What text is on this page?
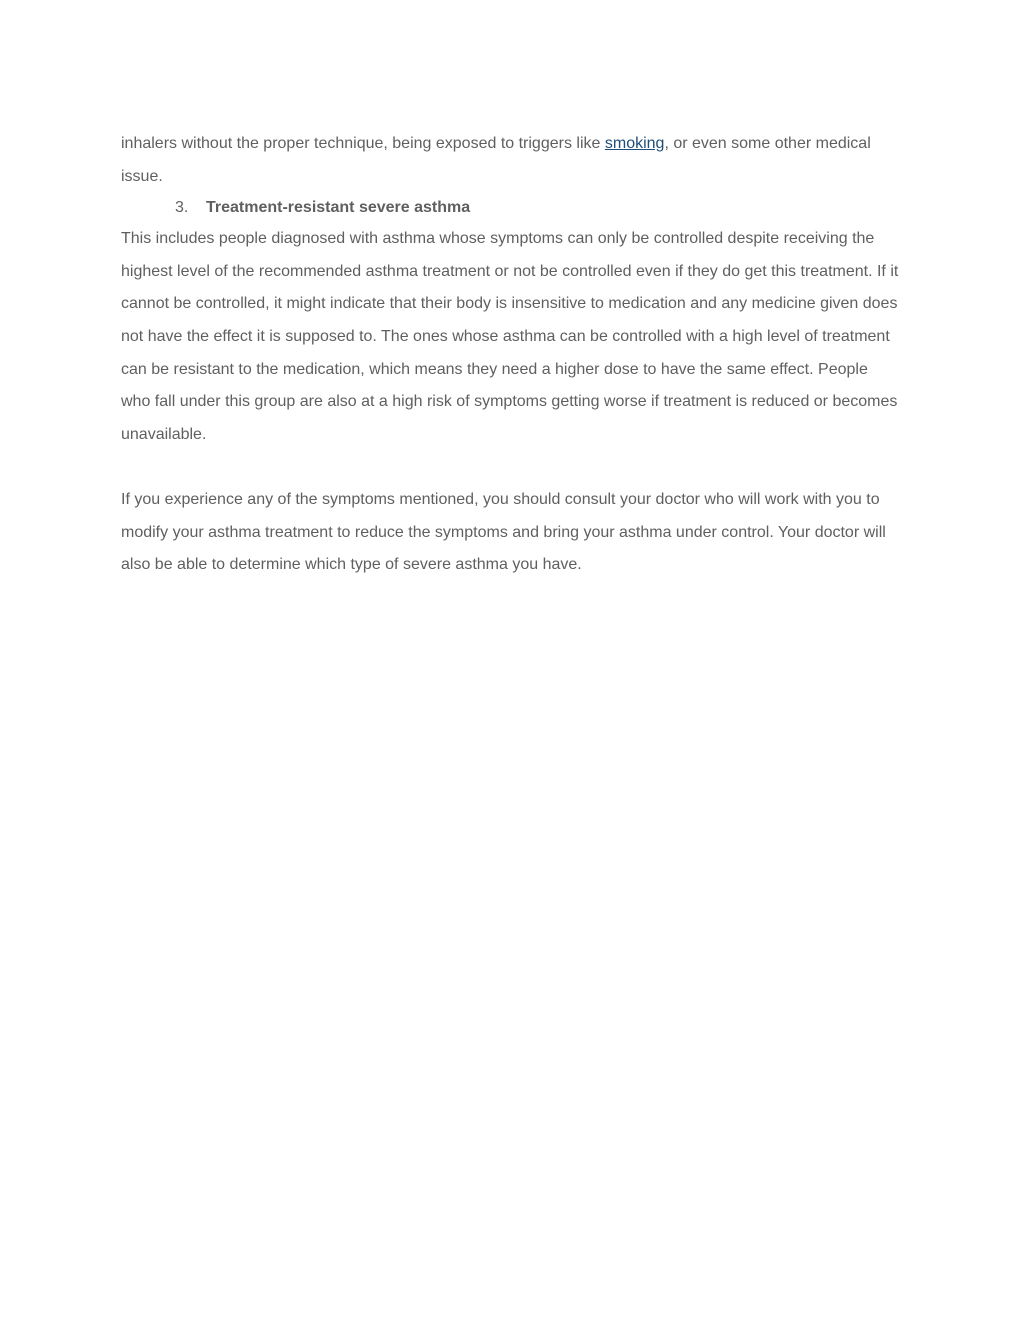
inhalers without the proper technique, being exposed to triggers like smoking, or even some other medical issue.

3.	Treatment-resistant severe asthma

This includes people diagnosed with asthma whose symptoms can only be controlled despite receiving the highest level of the recommended asthma treatment or not be controlled even if they do get this treatment. If it cannot be controlled, it might indicate that their body is insensitive to medication and any medicine given does not have the effect it is supposed to. The ones whose asthma can be controlled with a high level of treatment can be resistant to the medication, which means they need a higher dose to have the same effect. People who fall under this group are also at a high risk of symptoms getting worse if treatment is reduced or becomes unavailable.

If you experience any of the symptoms mentioned, you should consult your doctor who will work with you to modify your asthma treatment to reduce the symptoms and bring your asthma under control. Your doctor will also be able to determine which type of severe asthma you have.
